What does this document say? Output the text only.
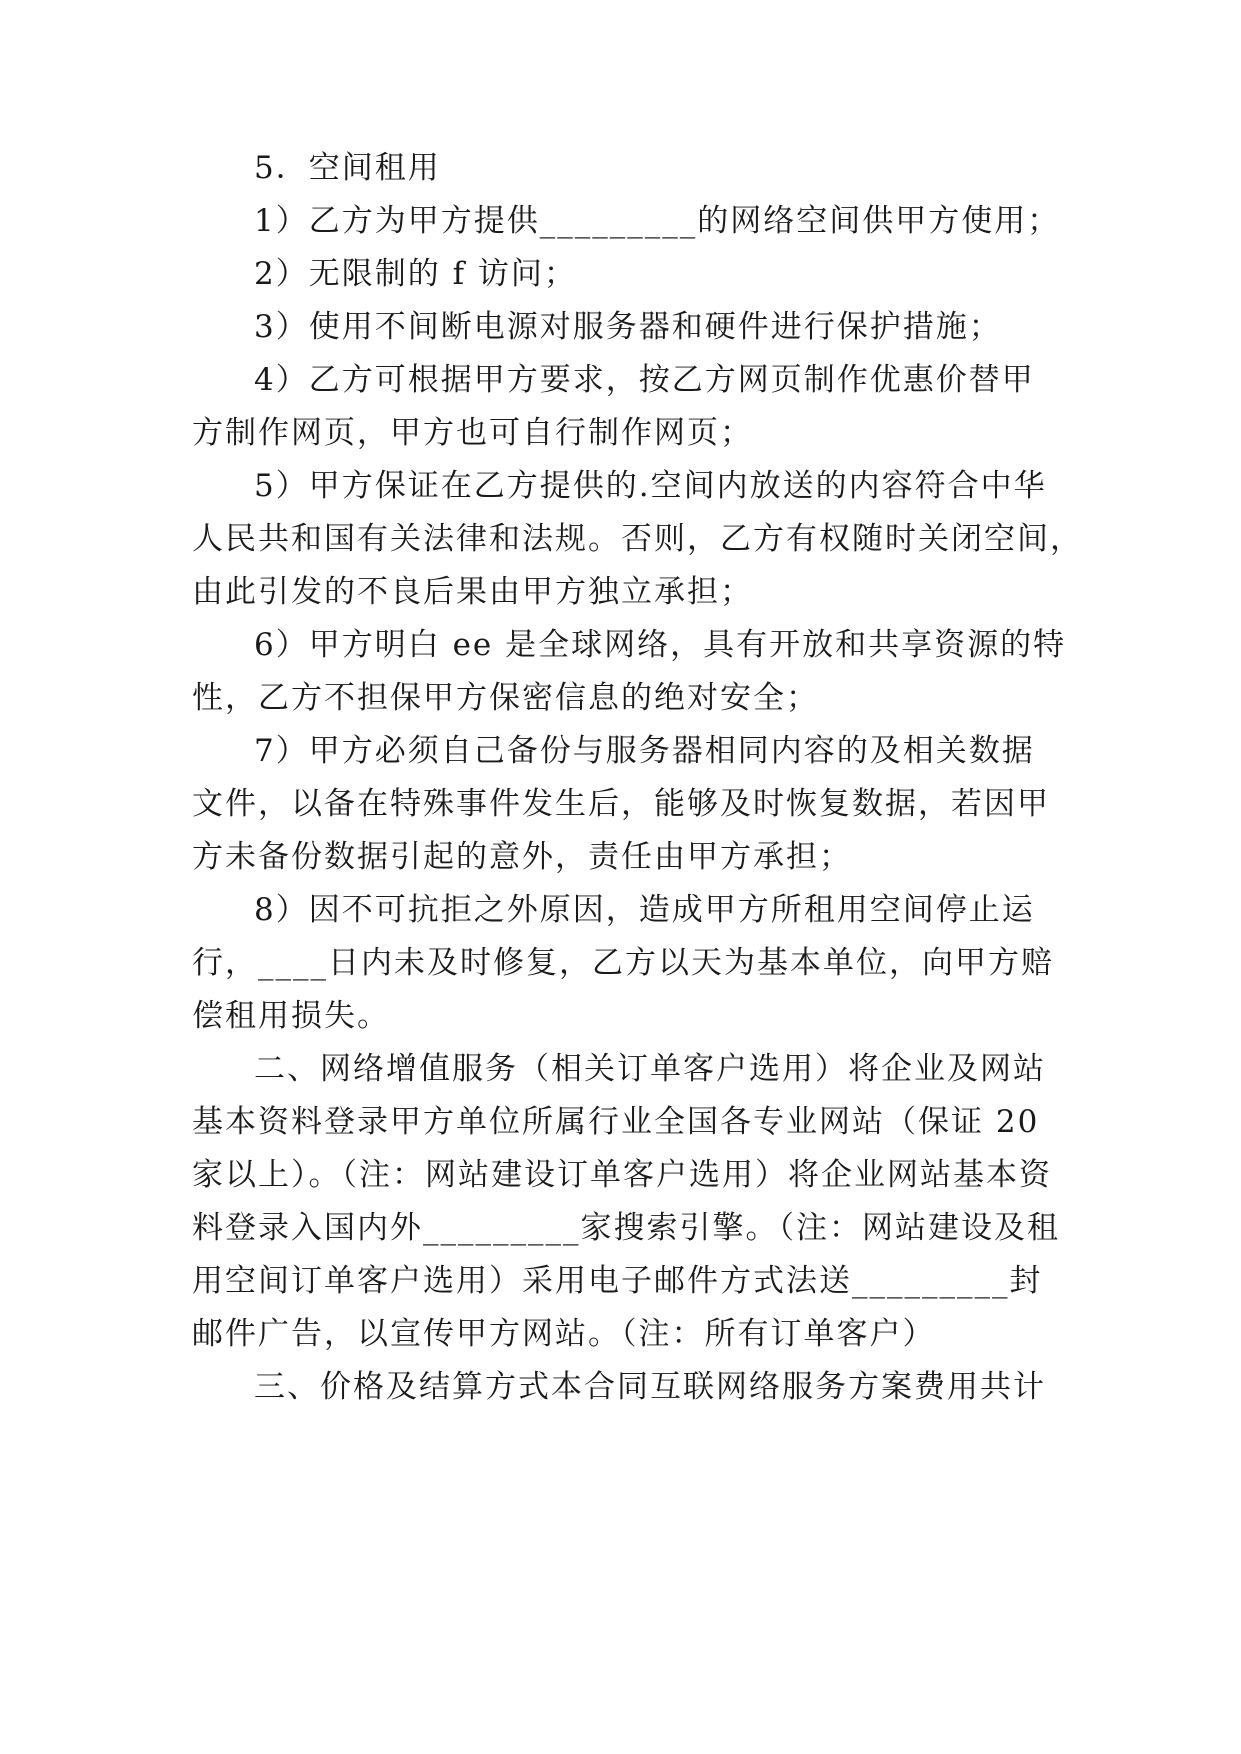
5．空间租用

1）乙方为甲方提供_________的网络空间供甲方使用；

2）无限制的 f 访问；

3）使用不间断电源对服务器和硬件进行保护措施；

4）乙方可根据甲方要求，按乙方网页制作优惠价替甲

方制作网页，甲方也可自行制作网页；

5）甲方保证在乙方提供的.空间内放送的内容符合中华

人民共和国有关法律和法规。否则，乙方有权随时关闭空间，

由此引发的不良后果由甲方独立承担；

6）甲方明白 ee 是全球网络，具有开放和共享资源的特

性，乙方不担保甲方保密信息的绝对安全；

7）甲方必须自己备份与服务器相同内容的及相关数据

文件，以备在特殊事件发生后，能够及时恢复数据，若因甲

方未备份数据引起的意外，责任由甲方承担；

8）因不可抗拒之外原因，造成甲方所租用空间停止运

行，____日内未及时修复，乙方以天为基本单位，向甲方赔

偿租用损失。

二、网络增值服务（相关订单客户选用）将企业及网站

基本资料登录甲方单位所属行业全国各专业网站（保证 20

家以上）。（注：网站建设订单客户选用）将企业网站基本资

料登录入国内外_________家搜索引擎。（注：网站建设及租

用空间订单客户选用）采用电子邮件方式法送_________封

邮件广告，以宣传甲方网站。（注：所有订单客户）

三、价格及结算方式本合同互联网络服务方案费用共计
